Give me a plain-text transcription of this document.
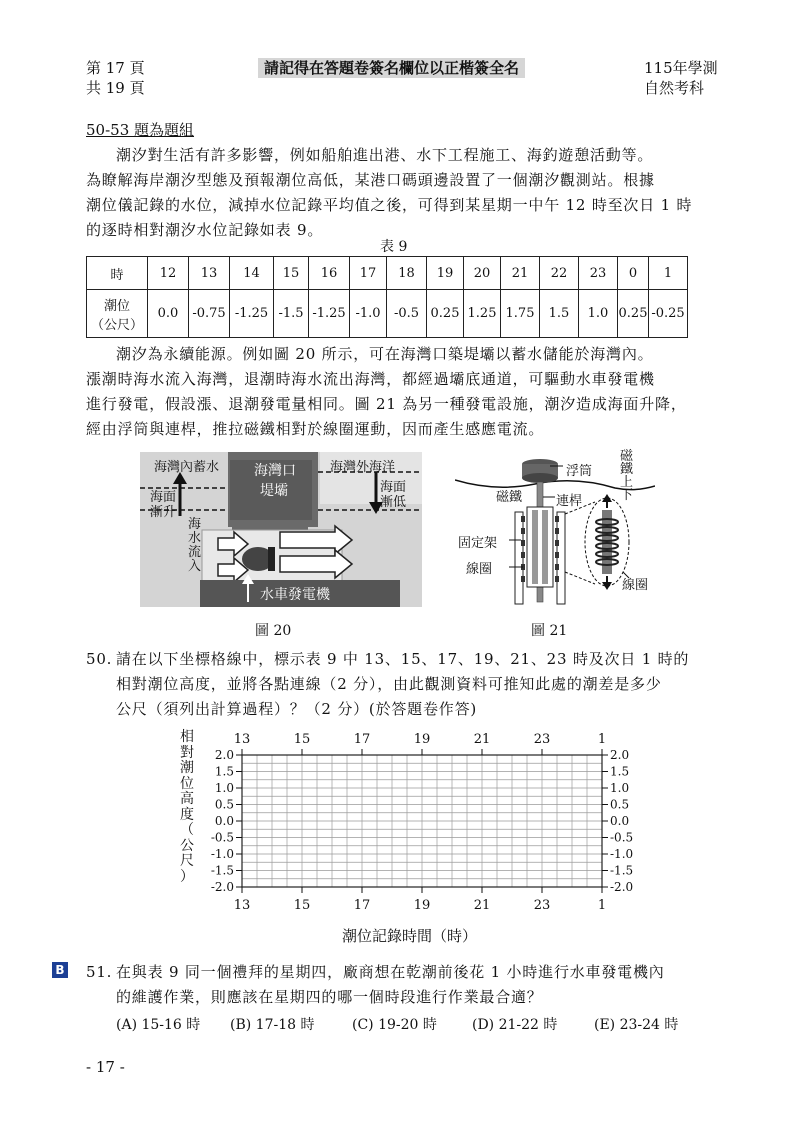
第 17 頁
共 19 頁
請記得在答題卷簽名欄位以正楷簽全名	115年學測
自然考科
50-53 題為題組
潮汐對生活有許多影響，例如船舶進出港、水下工程施工、海釣遊憩活動等。
為瞭解海岸潮汐型態及預報潮位高低，某港口碼頭邊設置了一個潮汐觀測站。根據
潮位儀記錄的水位，減掉水位記錄平均值之後，可得到某星期一中午 12 時至次日 1 時
的逐時相對潮汐水位記錄如表 9。
表 9
時	12	13	14	15	16	17	18	19	20	21	22	23	0	1

潮位
（公尺）	0.0	-0.75	-1.25	-1.5	-1.25	-1.0	-0.5	0.25	1.25	1.75	1.5	1.0	0.25	-0.25
潮汐為永續能源。例如圖 20 所示，可在海灣口築堤壩以蓄水儲能於海灣內。
漲潮時海水流入海灣，退潮時海水流出海灣，都經過壩底通道，可驅動水車發電機
進行發電，假設漲、退潮發電量相同。圖 21 為另一種發電設施，潮汐造成海面升降，
經由浮筒與連桿，推拉磁鐵相對於線圈運動，因而產生感應電流。
海灣內蓄水 海灣口
堤壩
海灣外海洋
海面
漸升
海面
漸低
海
水
流
入
水車發電機
圖 20
浮筒
磁鐵	連桿
固定架
線圈
線圈
磁
鐵
上
下
圖 21
50. 請在以下坐標格線中，標示表 9 中 13、15、17、19、21、23 時及次日 1 時的
相對潮位高度，並將各點連線（2 分），由此觀測資料可推知此處的潮差是多少
公尺（須列出計算過程）？（2 分）(於答題卷作答)
相
對
潮
位
高
度
（
公
尺
）
13
13
15
15
17
17
19
19
21
21
23
23
1
1
2.0	2.0
1.5	1.5
1.0	1.0
0.5	0.5
0.0	0.0
-0.5	-0.5
-1.0	-1.0
-1.5	-1.5
-2.0	-2.0
潮位記錄時間（時）
B 51. 在與表 9 同一個禮拜的星期四，廠商想在乾潮前後花 1 小時進行水車發電機內
的維護作業，則應該在星期四的哪一個時段進行作業最合適？
(A) 15-16 時 (B) 17-18 時	(C) 19-20 時	(D) 21-22 時	(E) 23-24 時
- 17 -
